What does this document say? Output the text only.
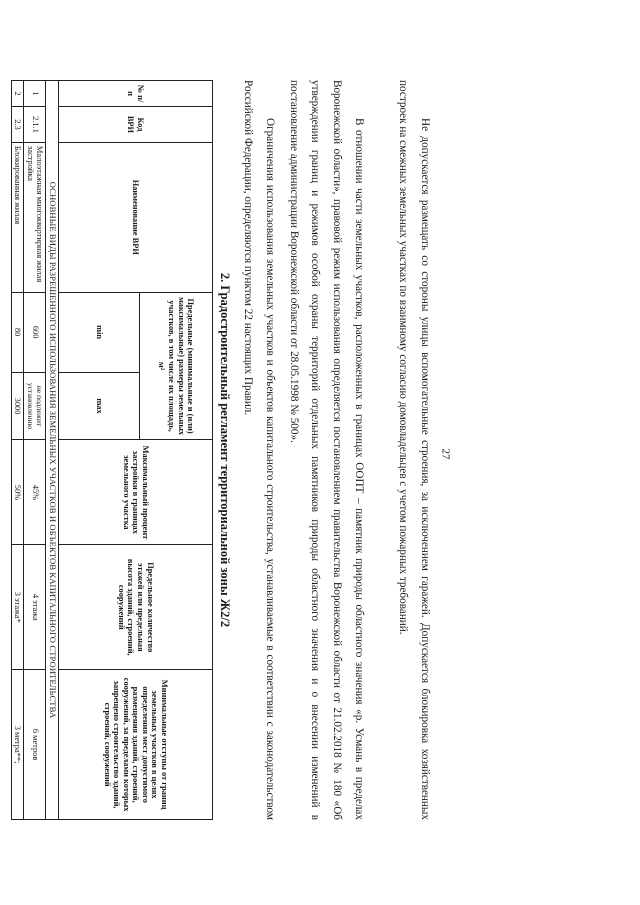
27
Не допускается размещать со стороны улицы вспомогательные строения, за исключением гаражей. Допускается блокировка хозяйственных построек на смежных земельных участках по взаимному согласию домовладельцев с учетом пожарных требований.
В отношении части земельных участков, расположенных в границах ООПТ – памятник природы областного значения «р. Усмань в пределах Воронежской области», правовой режим использования определяется постановлением правительства Воронежской области от 21.02.2018 № 180 «Об утверждении границ и режимов особой охраны территорий отдельных памятников природы областного значения и о внесении изменений в постановление администрации Воронежской области от 28.05.1998 № 500».
Ограничения использования земельных участков и объектов капитального строительства, устанавливаемые в соответствии с законодательством Российской Федерации, определяются пунктом 22 настоящих Правил.
2. Градостроительный регламент территориальной зоны Ж2/2
№ п/п	Код ВРИ	Наименование ВРИ	Предельные (минимальные и (или) максимальные) размеры земельных участков, в том числе их площадь, м²		Максимальный процент застройки в границах земельного участка	Предельное количество этажей или предельная высота зданий, строений, сооружений	Минимальные отступы от границ земельных участков в целях определения мест допустимого размещения зданий, строений, сооружений, за пределами которых запрещено строительство зданий, строений, сооружений
			min	max			
ОСНОВНЫЕ ВИДЫ РАЗРЕШЕННОГО ИСПОЛЬЗОВАНИЯ ЗЕМЕЛЬНЫХ УЧАСТКОВ И ОБЪЕКТОВ КАПИТАЛЬНОГО СТРОИТЕЛЬСТВА							
1	2.1.1	Малоэтажная многоквартирная жилая застройка	600	не подлежит установлению	45%	4 этажа	6 метров
2	2.3	Блокированная жилая	80	3000	50%	3 этажа*	3 метра**;
